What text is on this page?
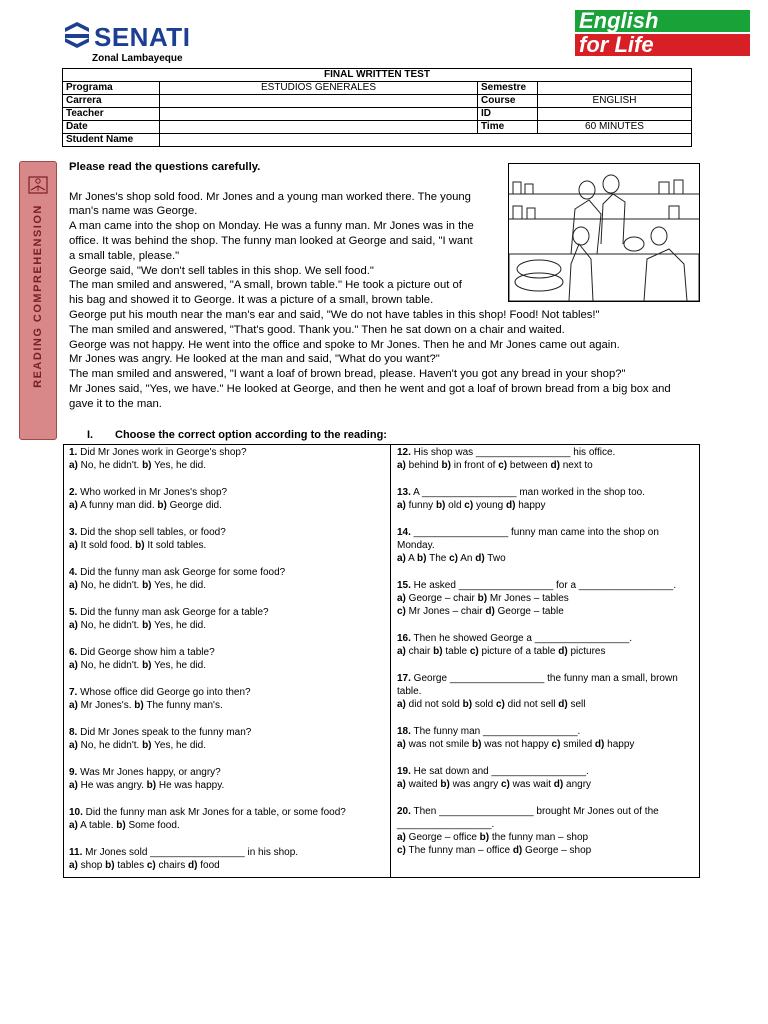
SENATI
Zonal Lambayeque
English
for Life
FINAL WRITTEN TEST			
Programa	ESTUDIOS GENERALES	Semestre	
Carrera		Course	ENGLISH
Teacher		ID	
Date		Time	60 MINUTES
Student Name			
READING COMPREHENSION

Please read the questions carefully.

Mr Jones's shop sold food. Mr Jones and a young man worked there. The young
man's name was George.
A man came into the shop on Monday. He was a funny man. Mr Jones was in the
office. It was behind the shop. The funny man looked at George and said, "I want
a small table, please."
George said, "We don't sell tables in this shop. We sell food."
The man smiled and answered, "A small, brown table." He took a picture out of
his bag and showed it to George. It was a picture of a small, brown table.
George put his mouth near the man's ear and said, "We do not have tables in this shop! Food! Not tables!"
The man smiled and answered, "That's good. Thank you." Then he sat down on a chair and waited.
George was not happy. He went into the office and spoke to Mr Jones. Then he and Mr Jones came out again.
Mr Jones was angry. He looked at the man and said, "What do you want?"
The man smiled and answered, "I want a loaf of brown bread, please. Haven't you got any bread in your shop?"
Mr Jones said, "Yes, we have." He looked at George, and then he went and got a loaf of brown bread from a big box and
gave it to the man.
I. Choose the correct option according to the reading:
1. Did Mr Jones work in George's shop?
a) No, he didn't. b) Yes, he did.
2. Who worked in Mr Jones's shop?
a) A funny man did. b) George did.
3. Did the shop sell tables, or food?
a) It sold food. b) It sold tables.
4. Did the funny man ask George for some food?
a) No, he didn't. b) Yes, he did.
5. Did the funny man ask George for a table?
a) No, he didn't. b) Yes, he did.
6. Did George show him a table?
a) No, he didn't. b) Yes, he did.
7. Whose office did George go into then?
a) Mr Jones's. b) The funny man's.
8. Did Mr Jones speak to the funny man?
a) No, he didn't. b) Yes, he did.
9. Was Mr Jones happy, or angry?
a) He was angry. b) He was happy.
10. Did the funny man ask Mr Jones for a table, or some food?
a) A table. b) Some food.
11. Mr Jones sold _________________ in his shop.
a) shop b) tables c) chairs d) food
12. His shop was _________________ his office.
a) behind b) in front of c) between d) next to
13. A _________________ man worked in the shop too.
a) funny b) old c) young d) happy
14. _________________ funny man came into the shop on Monday.
a) A b) The c) An d) Two
15. He asked _________________ for a _________________.
a) George – chair b) Mr Jones – tables
c) Mr Jones – chair d) George – table
16. Then he showed George a _________________.
a) chair b) table c) picture of a table d) pictures
17. George _________________ the funny man a small, brown table.
a) did not sold b) sold c) did not sell d) sell
18. The funny man _________________.
a) was not smile b) was not happy c) smiled d) happy
19. He sat down and _________________.
a) waited b) was angry c) was wait d) angry
20. Then _________________ brought Mr Jones out of the _________________.
a) George – office b) the funny man – shop
c) The funny man – office d) George – shop
